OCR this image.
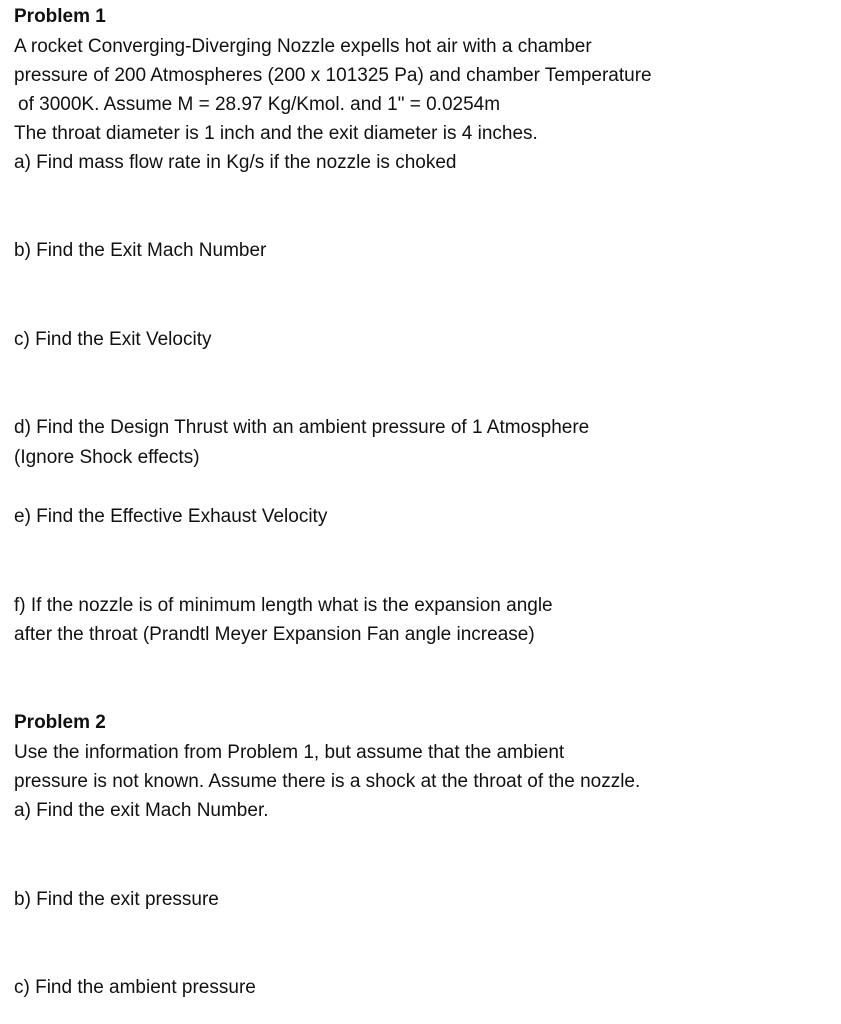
Problem 1

A rocket Converging-Diverging Nozzle expells hot air with a chamber

pressure of 200 Atmospheres (200 x 101325 Pa) and chamber Temperature

of 3000K. Assume M = 28.97 Kg/Kmol. and 1" = 0.0254m

The throat diameter is 1 inch and the exit diameter is 4 inches.

a) Find mass flow rate in Kg/s if the nozzle is choked

b) Find the Exit Mach Number

c) Find the Exit Velocity

d) Find the Design Thrust with an ambient pressure of 1 Atmosphere

(Ignore Shock effects)

e) Find the Effective Exhaust Velocity

f) If the nozzle is of minimum length what is the expansion angle

after the throat (Prandtl Meyer Expansion Fan angle increase)

Problem 2

Use the information from Problem 1, but assume that the ambient

pressure is not known. Assume there is a shock at the throat of the nozzle.

a) Find the exit Mach Number.

b) Find the exit pressure

c) Find the ambient pressure
